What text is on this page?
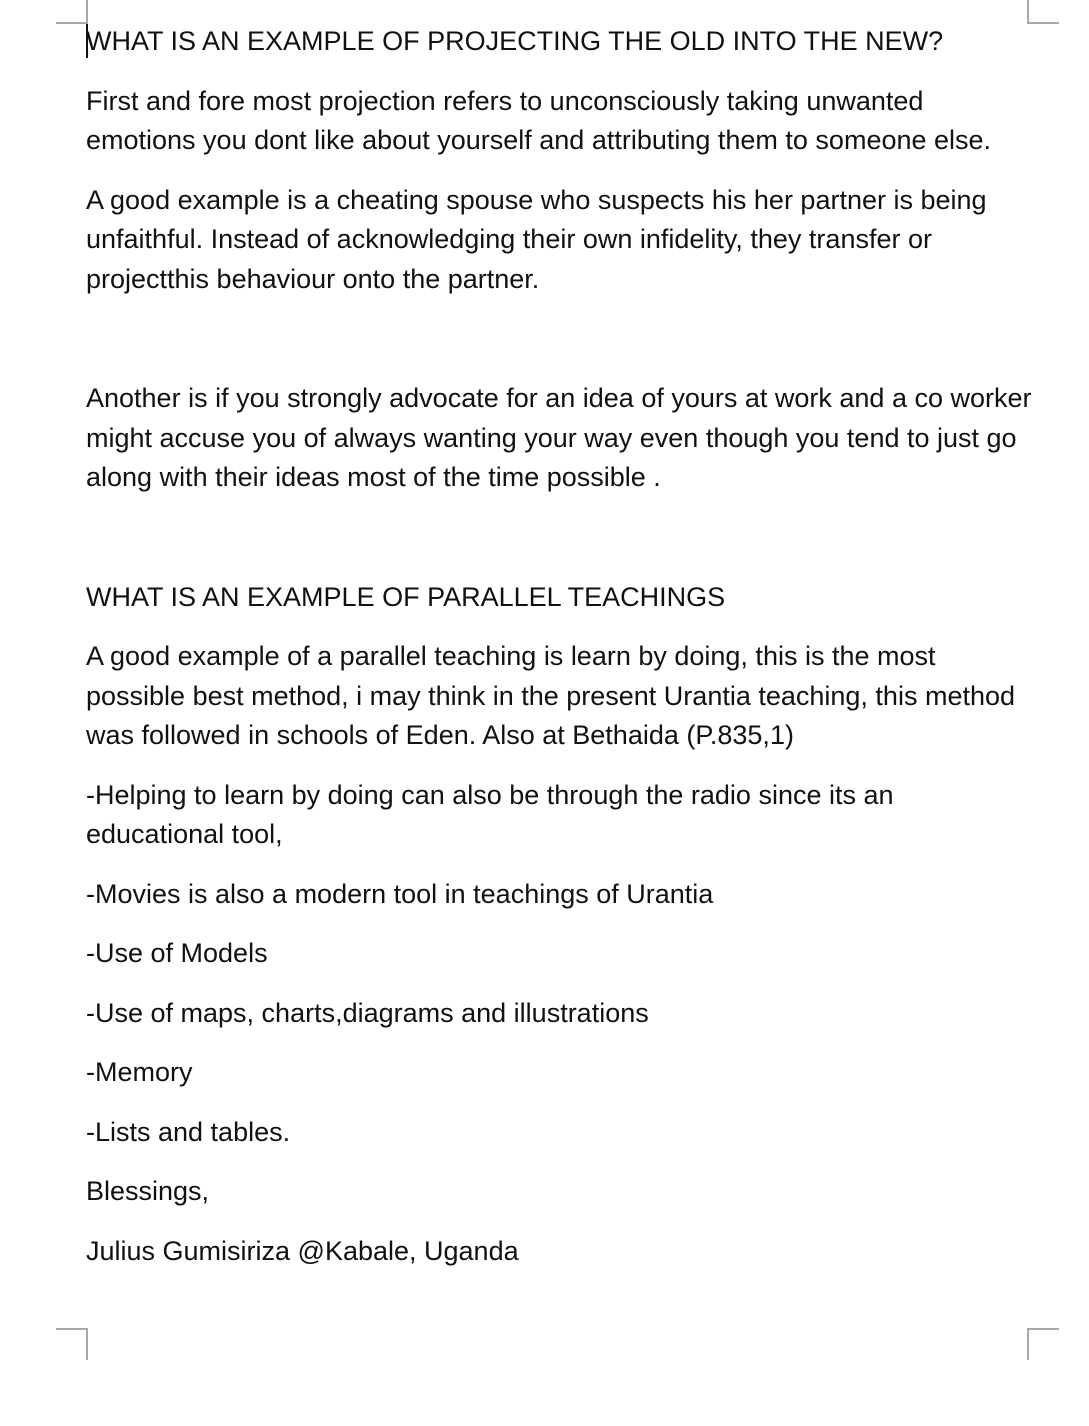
WHAT IS AN EXAMPLE OF PROJECTING THE OLD INTO THE NEW?

First and fore most projection refers to unconsciously taking unwanted emotions you dont like about yourself and attributing them to someone else.

A good example is a cheating spouse who suspects his her partner is being unfaithful. Instead of acknowledging their own infidelity, they transfer or projectthis behaviour onto the partner.

Another is if you strongly advocate for an idea of yours at work and a co worker might accuse you of always wanting your way even though you tend to just go along with their ideas most of the time possible .

WHAT IS AN EXAMPLE OF PARALLEL TEACHINGS

A good example of a parallel teaching is learn by doing, this is the most possible best method, i may think in the present Urantia teaching, this method was followed in schools of Eden. Also at Bethaida (P.835,1)

-Helping to learn by doing can also be through the radio since its an educational tool,

-Movies is also a modern tool in teachings of Urantia

-Use of Models

-Use of maps, charts,diagrams and illustrations

-Memory

-Lists and tables.

Blessings,

Julius Gumisiriza @Kabale, Uganda
